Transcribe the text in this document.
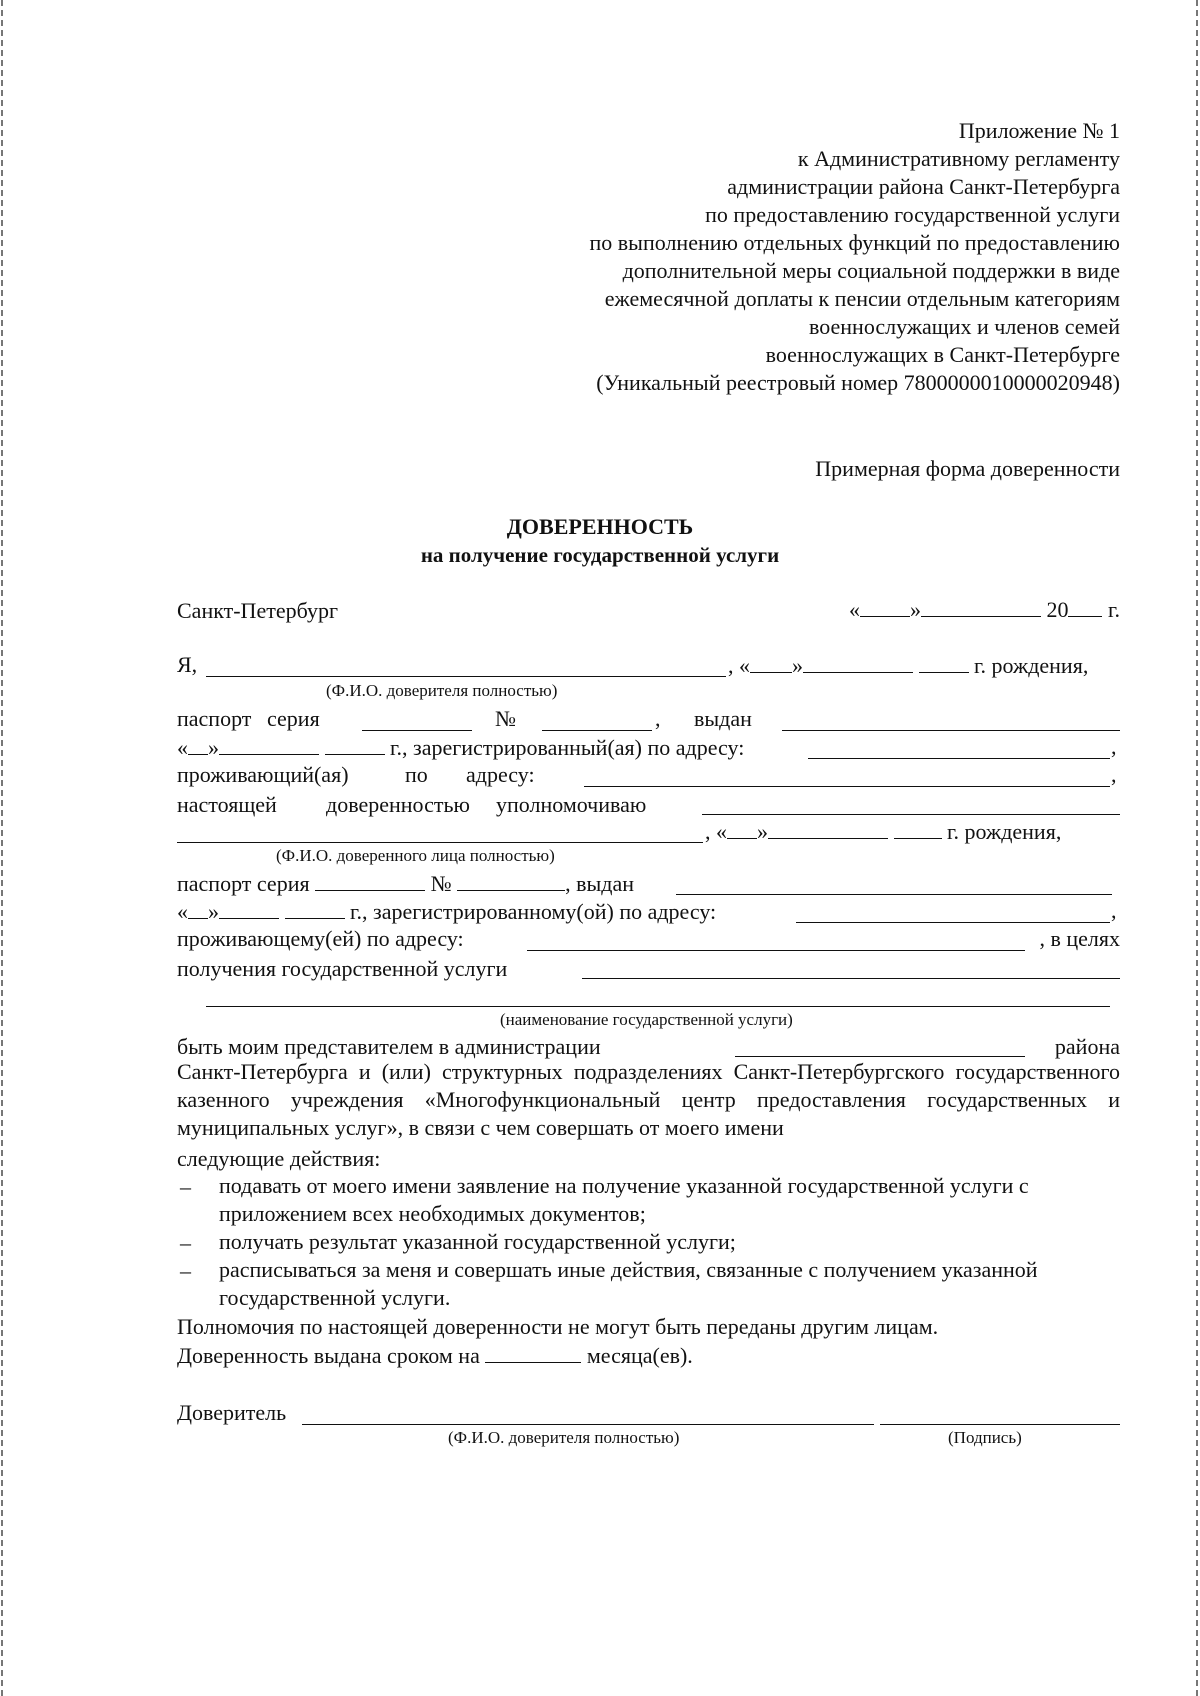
Приложение № 1
к Административному регламенту
администрации района Санкт-Петербурга
по предоставлению государственной услуги
по выполнению отдельных функций по предоставлению
дополнительной меры социальной поддержки в виде
ежемесячной доплаты к пенсии отдельным категориям
военнослужащих и членов семей
военнослужащих в Санкт-Петербурге
(Уникальный реестровый номер 7800000010000020948)
Примерная форма доверенности
ДОВЕРЕННОСТЬ
на получение государственной услуги
Санкт-Петербург	« »	20 г.
Я,	, « »	г. рождения,
(Ф.И.О. доверителя полностью)
паспорт серия	№	, выдан
« »	г., зарегистрированный(ая) по адресу:	,
проживающий(ая)	по адресу:	,
настоящей доверенностью уполномочиваю
, « »	г. рождения,
(Ф.И.О. доверенного лица полностью)
паспорт серия	№	, выдан
« »	г., зарегистрированному(ой) по адресу:	,
проживающему(ей) по адресу:	, в целях
получения государственной услуги
(наименование государственной услуги)
быть моим представителем в администрации	района
Санкт-Петербурга и (или) структурных подразделениях Санкт-Петербургского государственного казенного учреждения «Многофункциональный центр предоставления государственных и муниципальных услуг», в связи с чем совершать от моего имени
следующие действия:
– подавать от моего имени заявление на получение указанной государственной услуги с приложением всех необходимых документов;
– получать результат указанной государственной услуги;
– расписываться за меня и совершать иные действия, связанные с получением указанной государственной услуги.
Полномочия по настоящей доверенности не могут быть переданы другим лицам.
Доверенность выдана сроком на	месяца(ев).
Доверитель
(Ф.И.О. доверителя полностью)	(Подпись)
